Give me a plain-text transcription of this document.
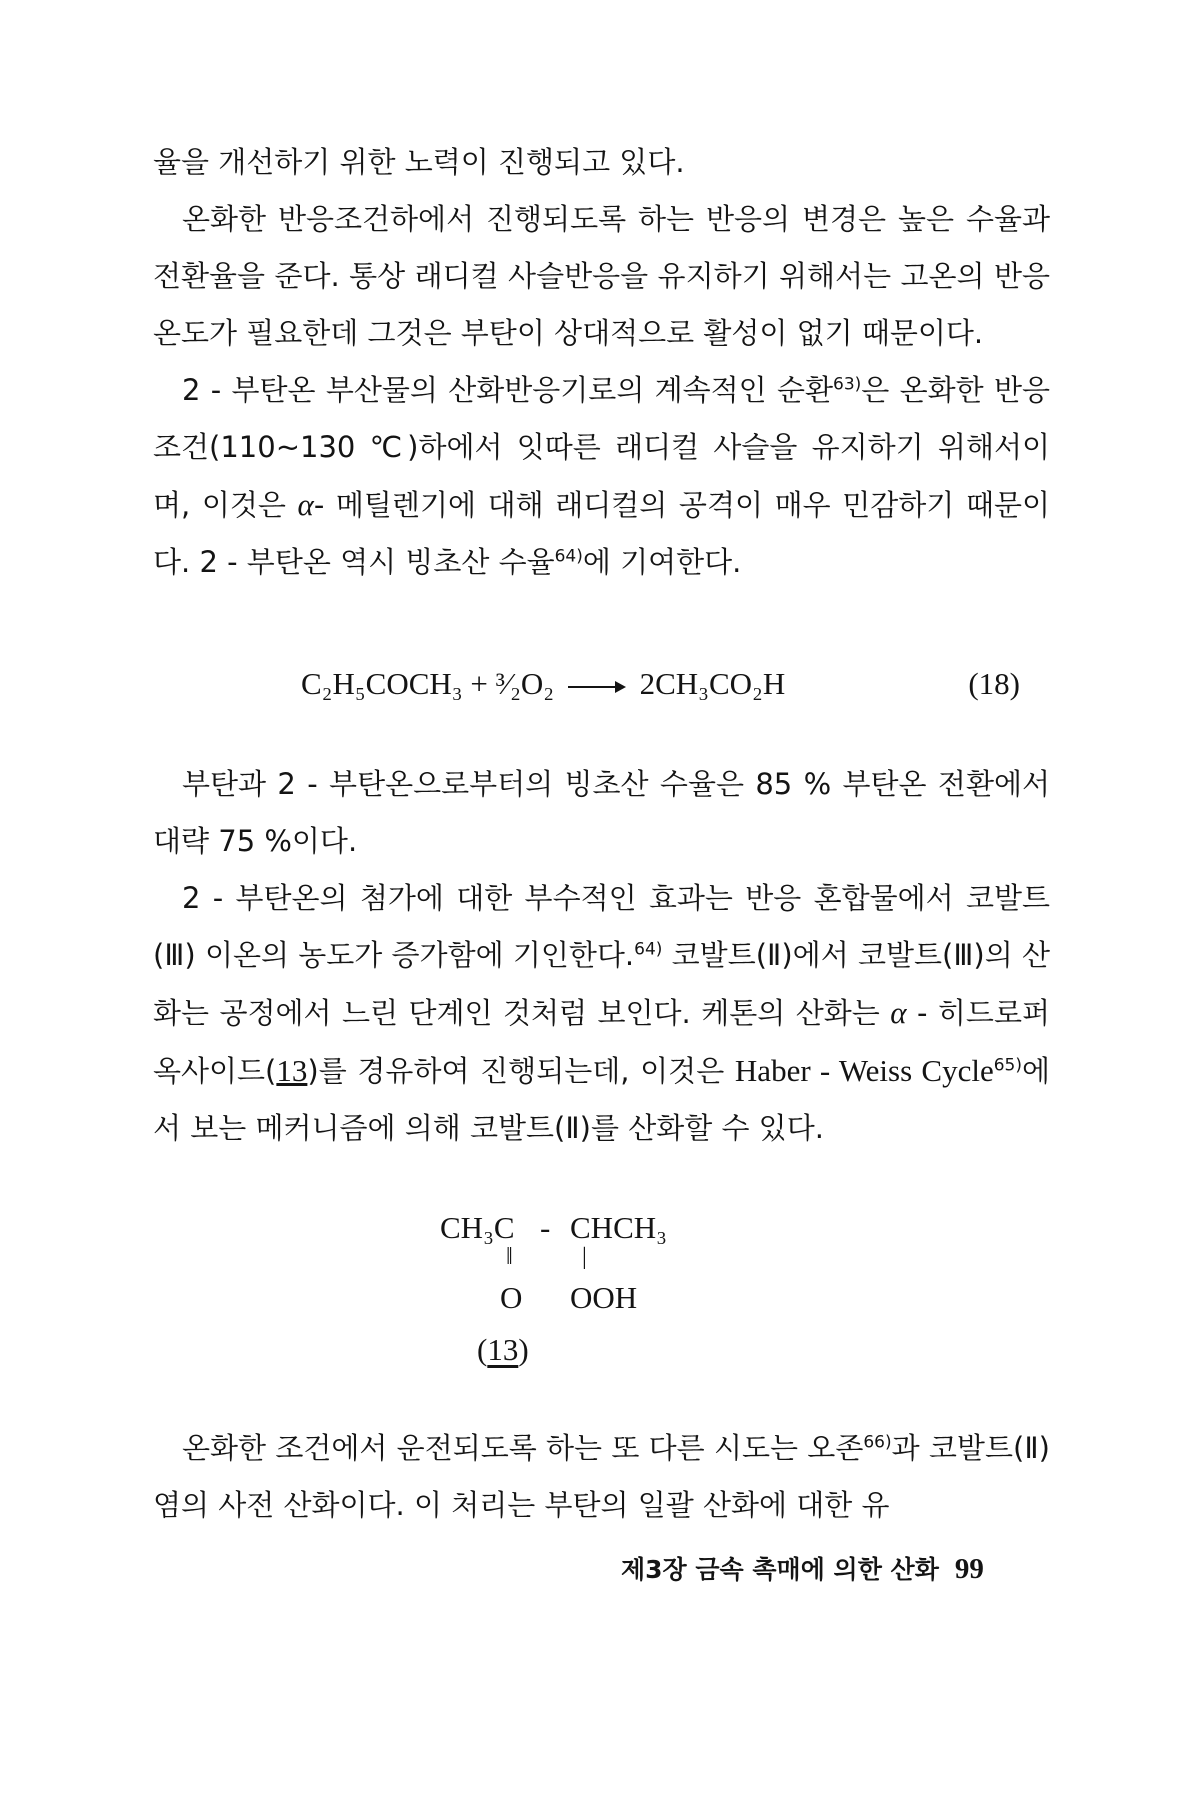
율을 개선하기 위한 노력이 진행되고 있다.

온화한 반응조건하에서 진행되도록 하는 반응의 변경은 높은 수율과 전환율을 준다. 통상 래디컬 사슬반응을 유지하기 위해서는 고온의 반응온도가 필요한데 그것은 부탄이 상대적으로 활성이 없기 때문이다.

2 - 부탄온 부산물의 산화반응기로의 계속적인 순환$^{63)}$은 온화한 반응조건(110~130 ℃)하에서 잇따른 래디컬 사슬을 유지하기 위해서이며, 이것은 α- 메틸렌기에 대해 래디컬의 공격이 매우 민감하기 때문이다. 2 - 부탄온 역시 빙초산 수율$^{64)}$에 기여한다.

C₂H₅COCH₃ + ³⁄₂O₂ → 2CH₃CO₂H	(18)

부탄과 2 - 부탄온으로부터의 빙초산 수율은 85 % 부탄온 전환에서 대략 75 %이다.

2 - 부탄온의 첨가에 대한 부수적인 효과는 반응 혼합물에서 코발트(Ⅲ) 이온의 농도가 증가함에 기인한다.$^{64)}$ 코발트(Ⅱ)에서 코발트(Ⅲ)의 산화는 공정에서 느린 단계인 것처럼 보인다. 케톤의 산화는 α - 히드로퍼옥사이드(13)를 경유하여 진행되는데, 이것은 Haber - Weiss Cycle$^{65)}$에서 보는 메커니즘에 의해 코발트(Ⅱ)를 산화할 수 있다.

CH₃C - CHCH₃
‖	|
O OOH
(13)

온화한 조건에서 운전되도록 하는 또 다른 시도는 오존$^{66)}$과 코발트(Ⅱ)염의 사전 산화이다. 이 처리는 부탄의 일괄 산화에 대한 유

제3장 금속 촉매에 의한 산화 99
